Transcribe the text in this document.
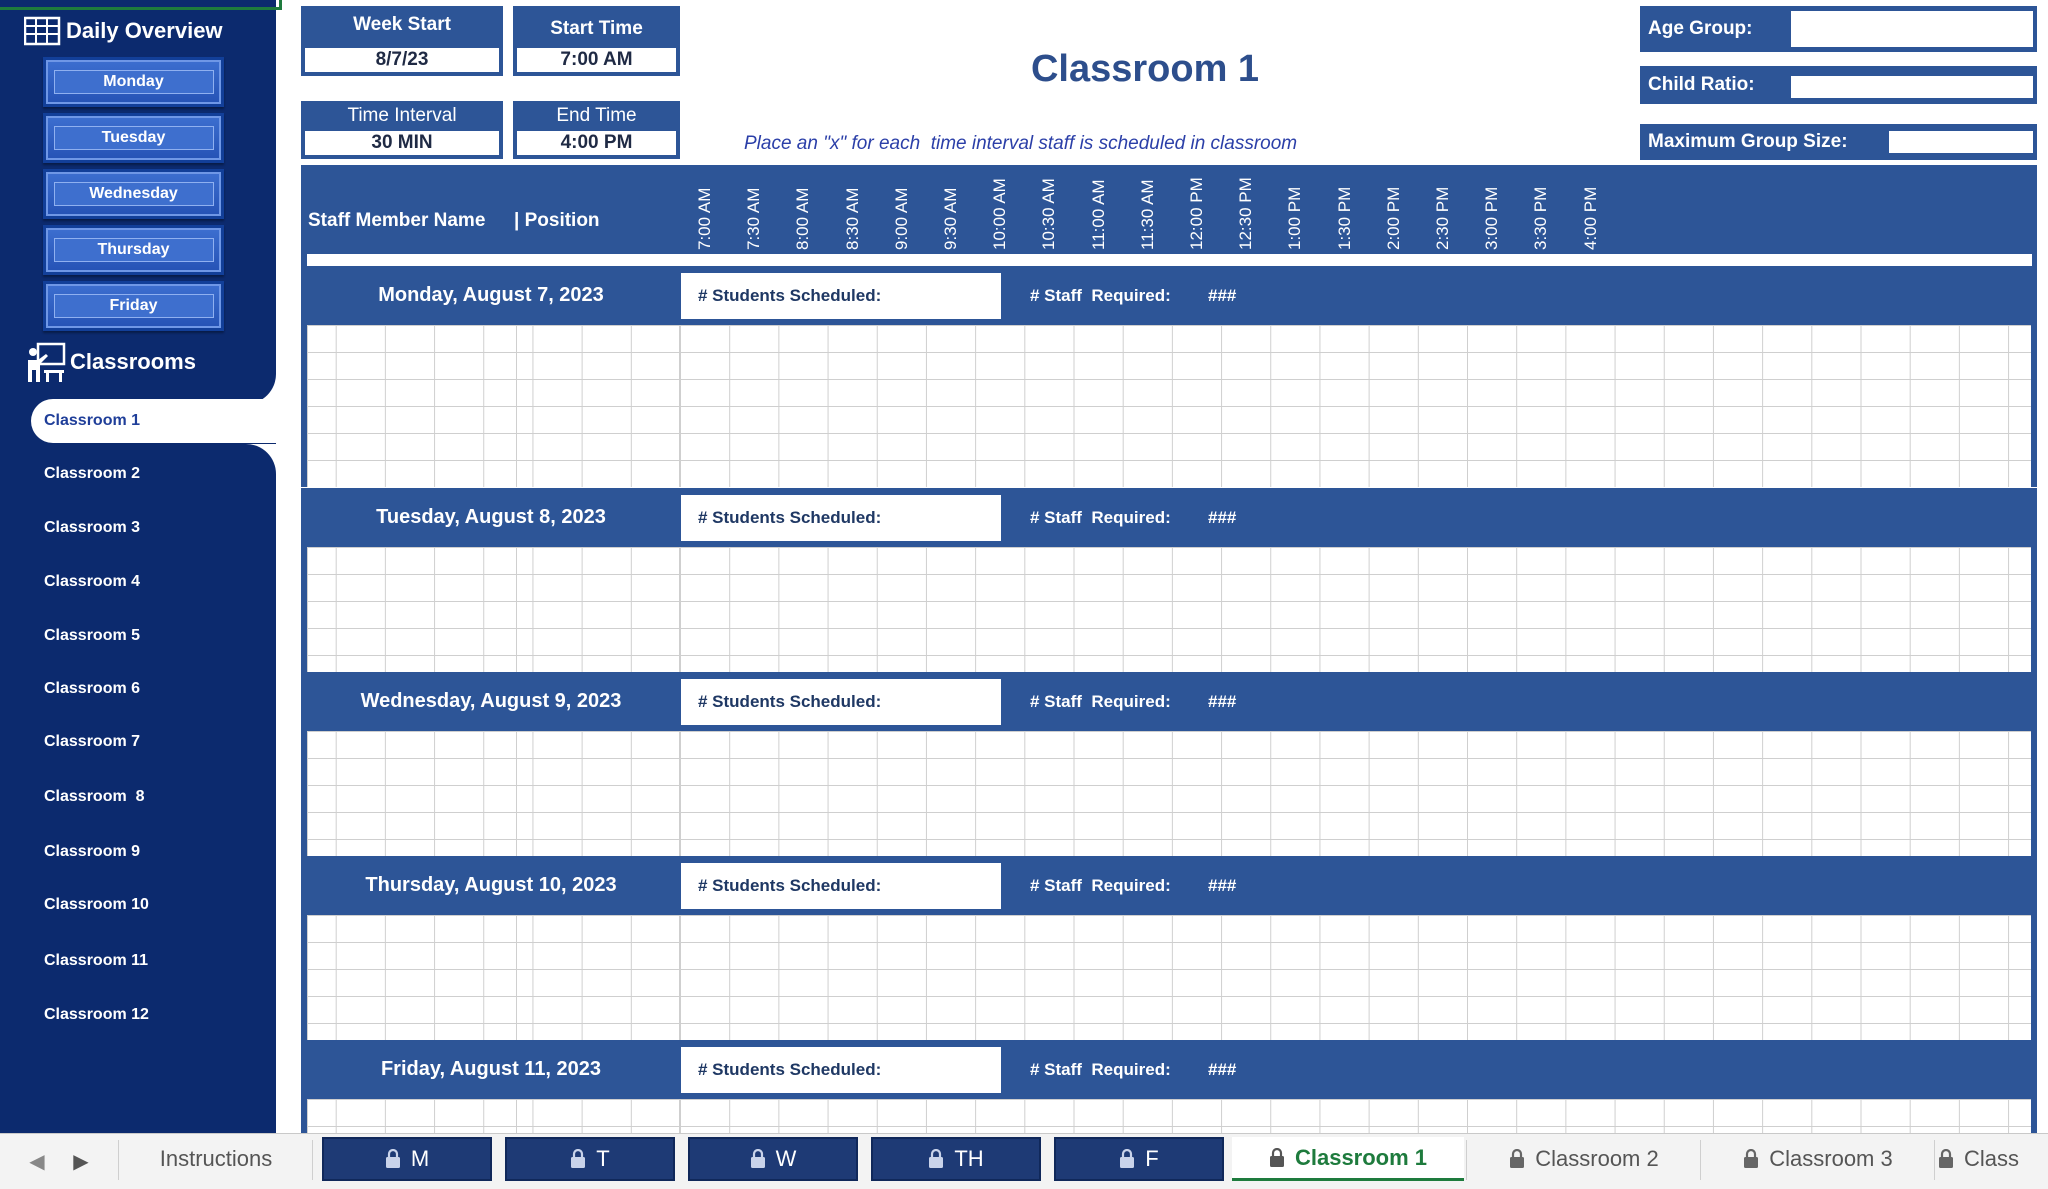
Daily Overview
Monday
Tuesday
Wednesday
Thursday
Friday
Classrooms
Classroom 1
Classroom 2
Classroom 3
Classroom 4
Classroom 5
Classroom 6
Classroom 7
Classroom  8
Classroom 9
Classroom 10
Classroom 11
Classroom 12
Week Start
8/7/23
Start Time
7:00 AM
Time Interval
30 MIN
End Time
4:00 PM
Classroom 1
Place an "x" for each  time interval staff is scheduled in classroom
Age Group:
Child Ratio:
Maximum Group Size:
Staff Member Name | Position	7:00 AM 7:30 AM 8:00 AM 8:30 AM 9:00 AM 9:30 AM 10:00 AM 10:30 AM 11:00 AM 11:30 AM 12:00 PM 12:30 PM 1:00 PM 1:30 PM 2:00 PM 2:30 PM 3:00 PM 3:30 PM 4:00 PM
Monday, August 7, 2023	# Students Scheduled:	# Staff  Required: ###
Tuesday, August 8, 2023	# Students Scheduled:	# Staff  Required: ###
Wednesday, August 9, 2023	# Students Scheduled:	# Staff  Required: ###
Thursday, August 10, 2023	# Students Scheduled:	# Staff  Required: ###
Friday, August 11, 2023	# Students Scheduled:	# Staff  Required: ###
◀	▶	Instructions	M	T	W	TH	F	Classroom 1	Classroom 2	Classroom 3	Class
